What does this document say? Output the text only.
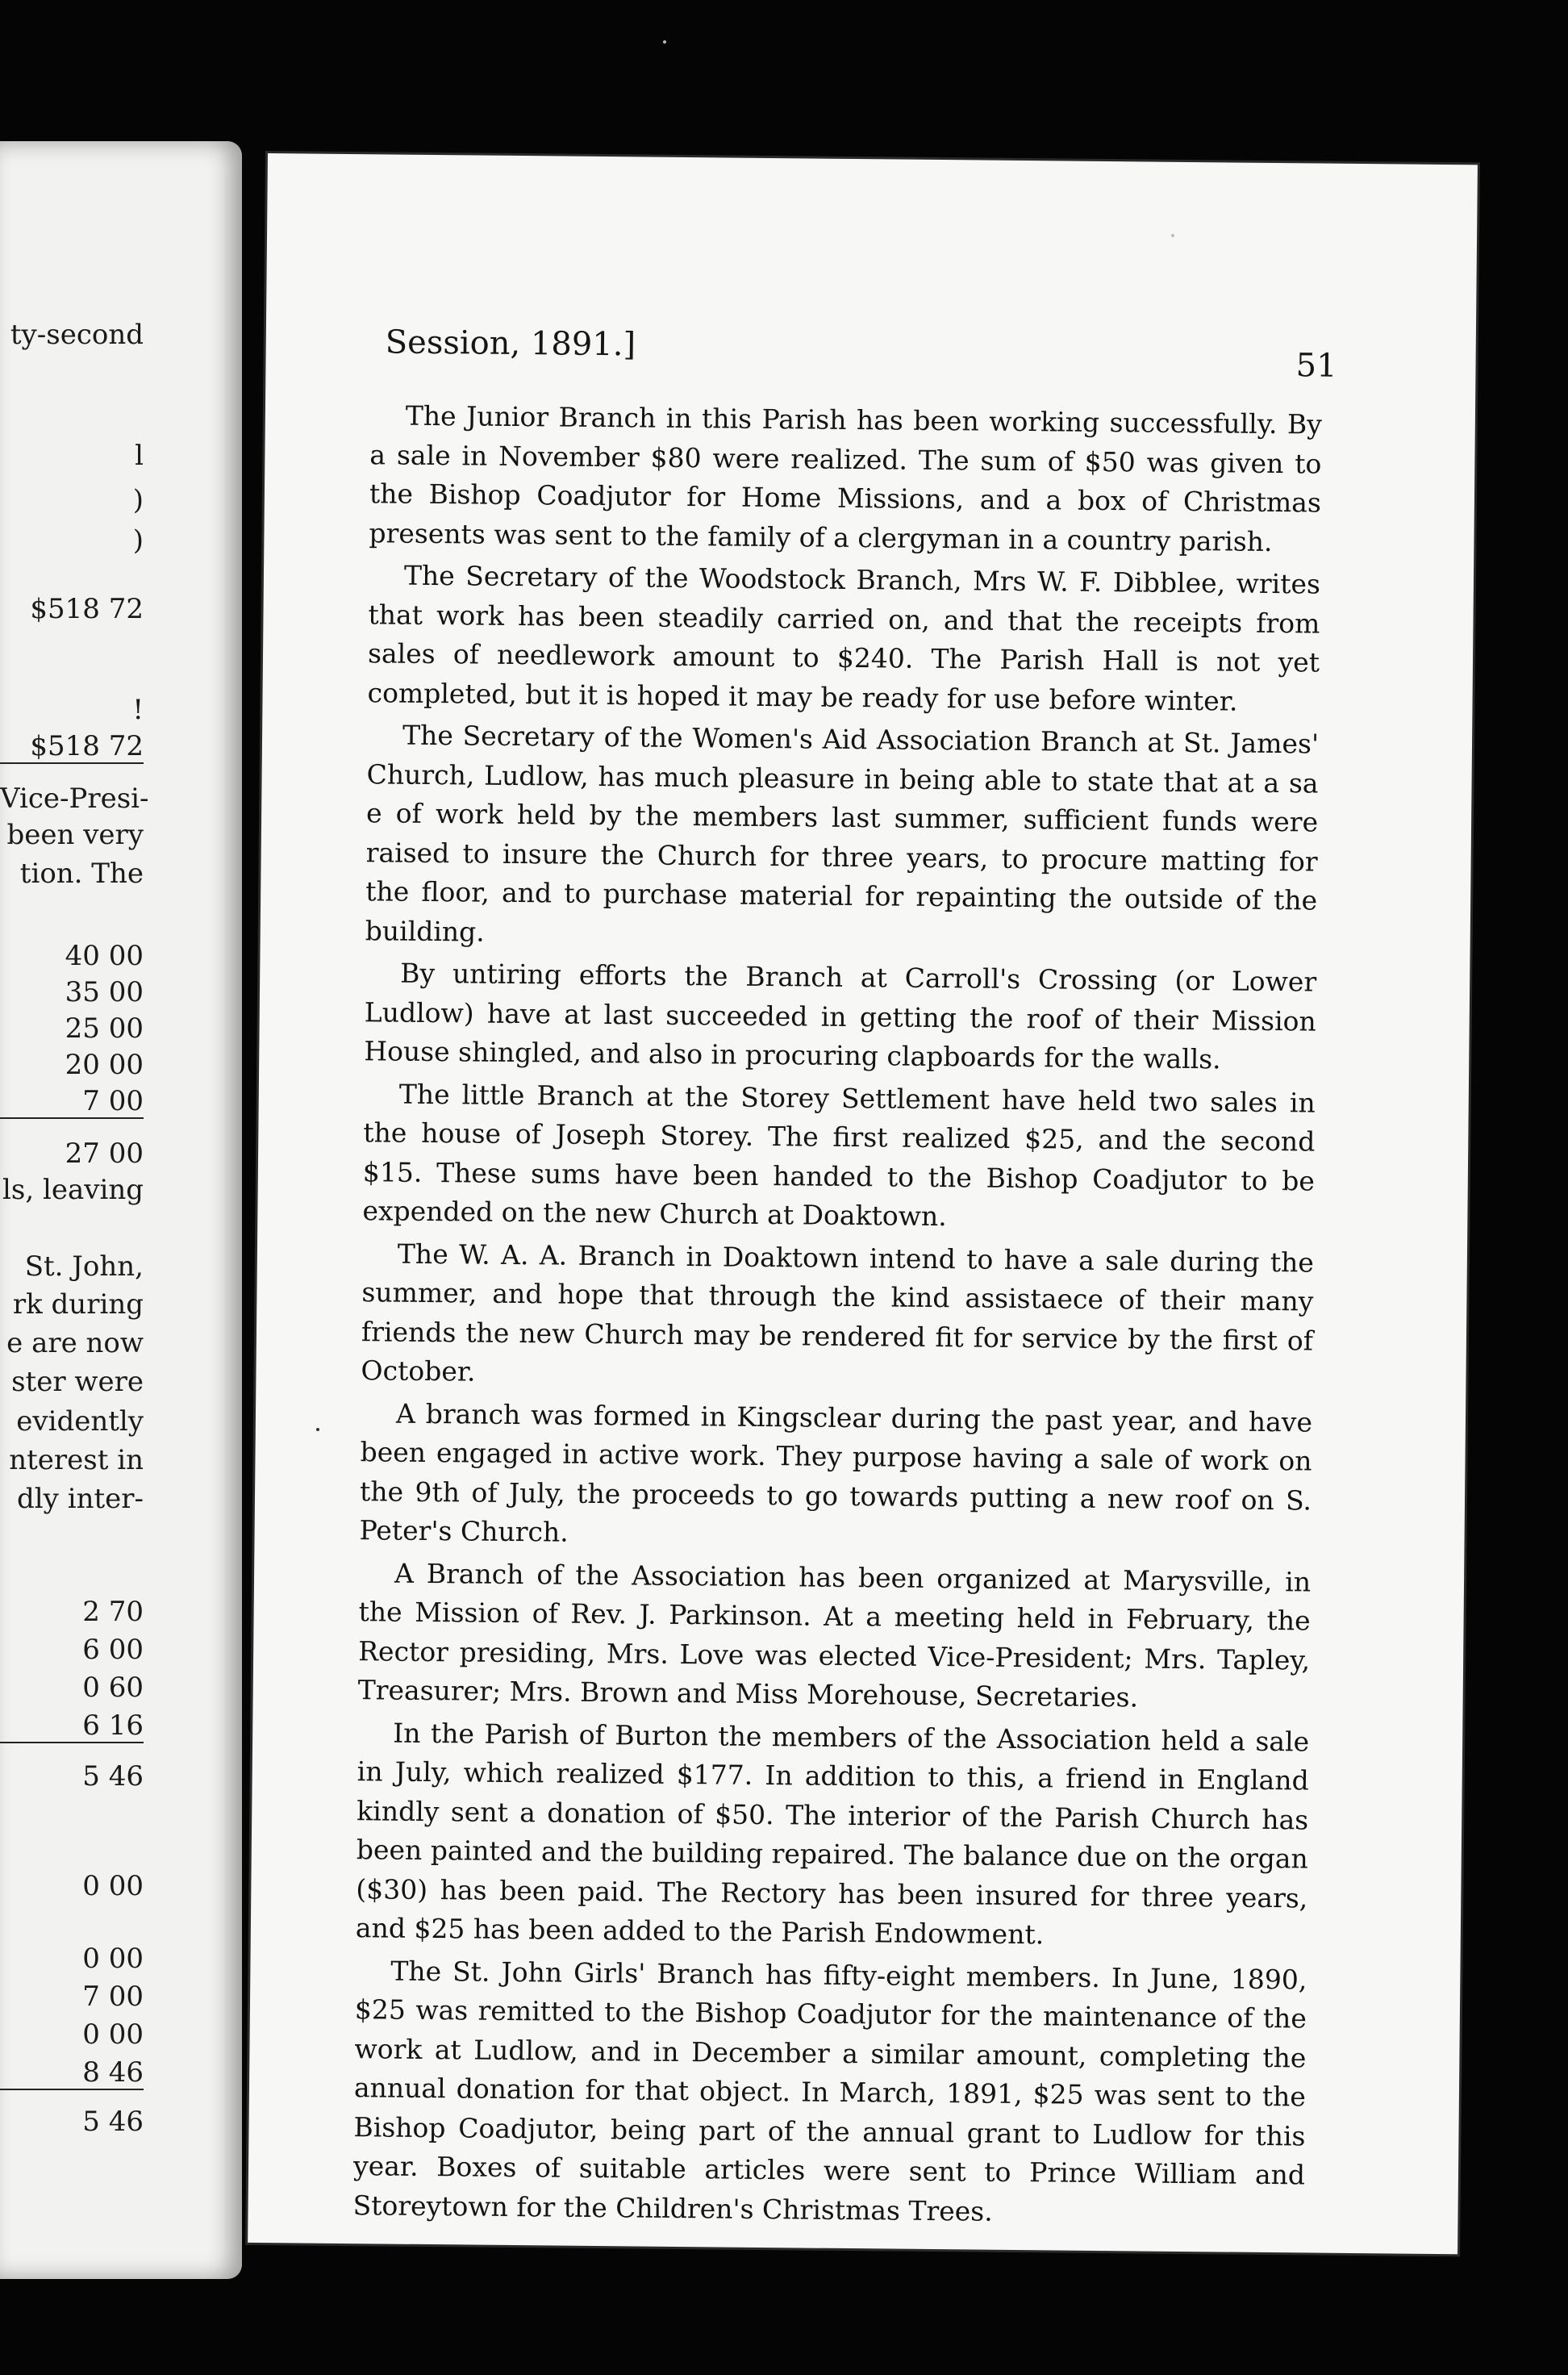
ty-second
l
)
)
$518 72
!
$518 72
Vice-Presi-
been very
tion. The
40 00
35 00
25 00
20 00
7 00
27 00
ls, leaving
St. John,
rk during
e are now
ster were
evidently
nterest in
dly inter-
2 70
6 00
0 60
6 16
5 46
0 00
0 00
7 00
0 00
8 46
5 46
Session, 1891.]
51

The Junior Branch in this Parish has been working successfully. By a sale in November $80 were realized. The sum of $50 was given to the Bishop Coadjutor for Home Missions, and a box of Christmas presents was sent to the family of a clergyman in a country parish.

The Secretary of the Woodstock Branch, Mrs W. F. Dibblee, writes that work has been steadily carried on, and that the receipts from sales of needlework amount to $240. The Parish Hall is not yet completed, but it is hoped it may be ready for use before winter.

The Secretary of the Women's Aid Association Branch at St. James' Church, Ludlow, has much pleasure in being able to state that at a sa e of work held by the members last summer, sufficient funds were raised to insure the Church for three years, to procure matting for the floor, and to purchase material for repainting the outside of the building.

By untiring efforts the Branch at Carroll's Crossing (or Lower Ludlow) have at last succeeded in getting the roof of their Mission House shingled, and also in procuring clapboards for the walls.

The little Branch at the Storey Settlement have held two sales in the house of Joseph Storey. The first realized $25, and the second $15. These sums have been handed to the Bishop Coadjutor to be expended on the new Church at Doaktown.

The W. A. A. Branch in Doaktown intend to have a sale during the summer, and hope that through the kind assistaece of their many friends the new Church may be rendered fit for service by the first of October.

A branch was formed in Kingsclear during the past year, and have been engaged in active work. They purpose having a sale of work on the 9th of July, the proceeds to go towards putting a new roof on S. Peter's Church.

A Branch of the Association has been organized at Marysville, in the Mission of Rev. J. Parkinson. At a meeting held in February, the Rector presiding, Mrs. Love was elected Vice-President; Mrs. Tapley, Treasurer; Mrs. Brown and Miss Morehouse, Secretaries.

In the Parish of Burton the members of the Association held a sale in July, which realized $177. In addition to this, a friend in England kindly sent a donation of $50. The interior of the Parish Church has been painted and the building repaired. The balance due on the organ ($30) has been paid. The Rectory has been insured for three years, and $25 has been added to the Parish Endowment.

The St. John Girls' Branch has fifty-eight members. In June, 1890, $25 was remitted to the Bishop Coadjutor for the maintenance of the work at Ludlow, and in December a similar amount, completing the annual donation for that object. In March, 1891, $25 was sent to the Bishop Coadjutor, being part of the annual grant to Ludlow for this year. Boxes of suitable articles were sent to Prince William and Storeytown for the Children's Christmas Trees.
